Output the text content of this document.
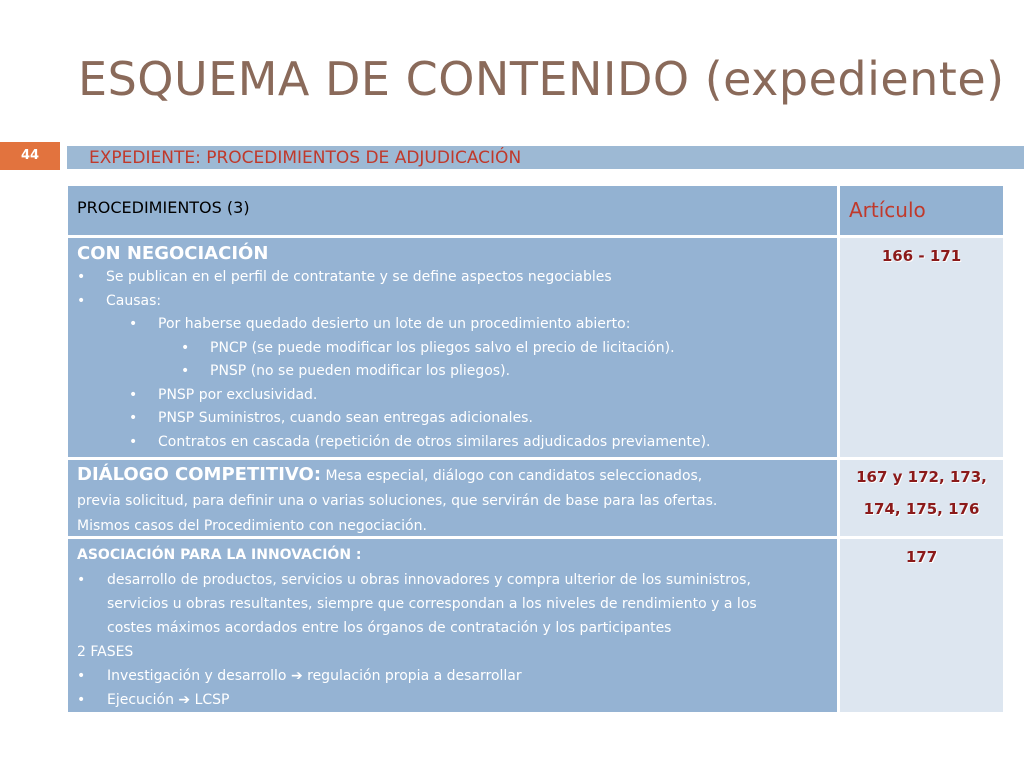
ESQUEMA DE CONTENIDO (expediente)
44	EXPEDIENTE: PROCEDIMIENTOS DE ADJUDICACIÓN
PROCEDIMIENTOS (3)	Artículo
CON NEGOCIACIÓN
• Se publican en el perfil de contratante y se define aspectos negociables
• Causas:
• Por haberse quedado desierto un lote de un procedimiento abierto:
• PNCP (se puede modificar los pliegos salvo el precio de licitación).
• PNSP (no se pueden modificar los pliegos).
• PNSP por exclusividad.
• PNSP Suministros, cuando sean entregas adicionales.
• Contratos en cascada (repetición de otros similares adjudicados previamente).
166 - 171
DIÁLOGO COMPETITIVO: Mesa especial, diálogo con candidatos seleccionados,
previa solicitud, para definir una o varias soluciones, que servirán de base para las ofertas.
Mismos casos del Procedimiento con negociación.
167 y 172, 173,
174, 175, 176
ASOCIACIÓN PARA LA INNOVACIÓN :
• desarrollo de productos, servicios u obras innovadores y compra ulterior de los suministros,
servicios u obras resultantes, siempre que correspondan a los niveles de rendimiento y a los
costes máximos acordados entre los órganos de contratación y los participantes
2 FASES
• Investigación y desarrollo ➔ regulación propia a desarrollar
• Ejecución ➔ LCSP
177
